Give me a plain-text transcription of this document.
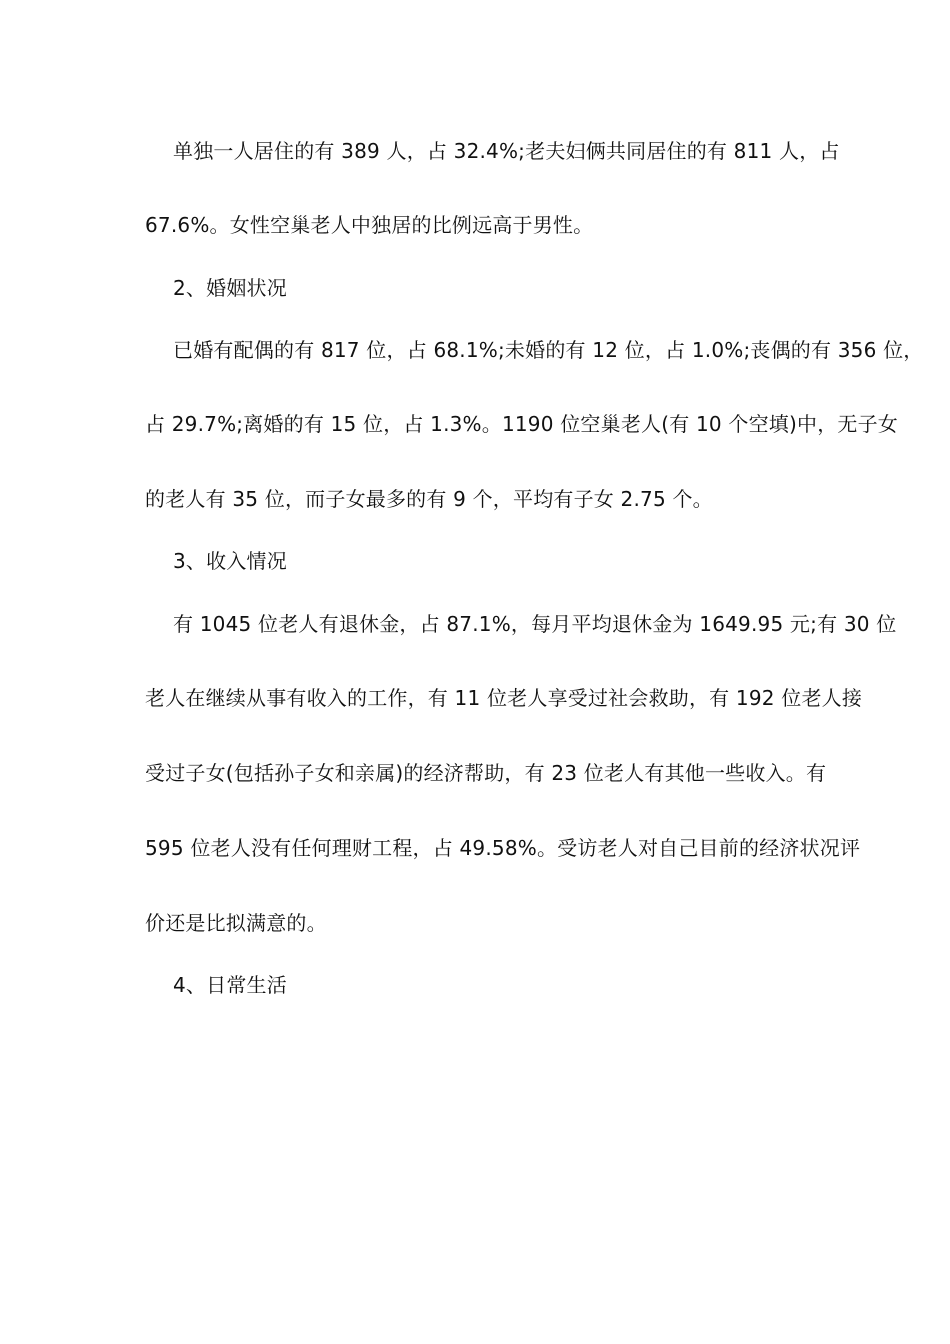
单独一人居住的有 389 人，占 32.4%;老夫妇俩共同居住的有 811 人，占
67.6%。女性空巢老人中独居的比例远高于男性。
2、婚姻状况
已婚有配偶的有 817 位，占 68.1%;未婚的有 12 位，占 1.0%;丧偶的有 356 位，
占 29.7%;离婚的有 15 位，占 1.3%。1190 位空巢老人(有 10 个空填)中，无子女
的老人有 35 位，而子女最多的有 9 个，平均有子女 2.75 个。
3、收入情况
有 1045 位老人有退休金，占 87.1%，每月平均退休金为 1649.95 元;有 30 位
老人在继续从事有收入的工作，有 11 位老人享受过社会救助，有 192 位老人接
受过子女(包括孙子女和亲属)的经济帮助，有 23 位老人有其他一些收入。有
595 位老人没有任何理财工程，占 49.58%。受访老人对自己目前的经济状况评
价还是比拟满意的。
4、日常生活
